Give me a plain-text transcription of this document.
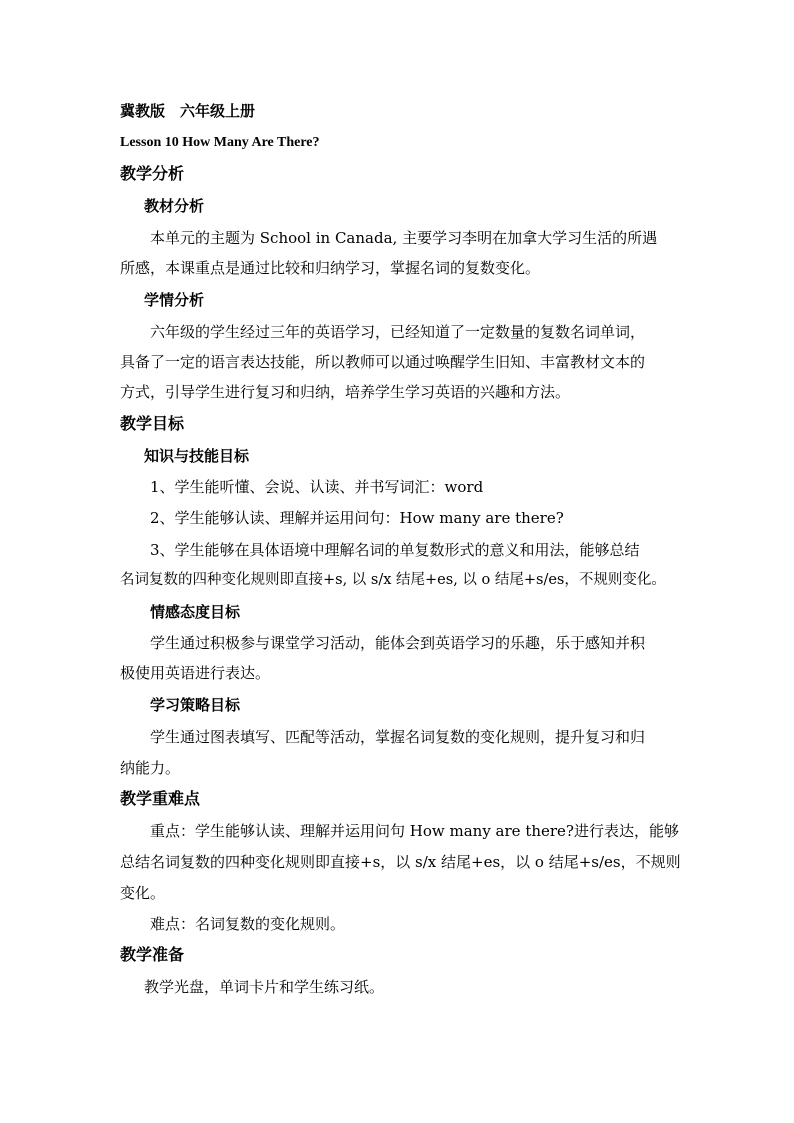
冀教版　六年级上册
Lesson 10 How Many Are There?
教学分析
教材分析
本单元的主题为 School in Canada, 主要学习李明在加拿大学习生活的所遇
所感，本课重点是通过比较和归纳学习，掌握名词的复数变化。
学情分析
六年级的学生经过三年的英语学习，已经知道了一定数量的复数名词单词，
具备了一定的语言表达技能，所以教师可以通过唤醒学生旧知、丰富教材文本的
方式，引导学生进行复习和归纳，培养学生学习英语的兴趣和方法。
教学目标
知识与技能目标
1、学生能听懂、会说、认读、并书写词汇：word
2、学生能够认读、理解并运用问句：How many are there?
3、学生能够在具体语境中理解名词的单复数形式的意义和用法，能够总结
名词复数的四种变化规则即直接+s, 以 s/x 结尾+es, 以 o 结尾+s/es，不规则变化。
情感态度目标
学生通过积极参与课堂学习活动，能体会到英语学习的乐趣，乐于感知并积
极使用英语进行表达。
学习策略目标
学生通过图表填写、匹配等活动，掌握名词复数的变化规则，提升复习和归
纳能力。
教学重难点
重点：学生能够认读、理解并运用问句 How many are there?进行表达，能够
总结名词复数的四种变化规则即直接+s，以 s/x 结尾+es，以 o 结尾+s/es，不规则
变化。
难点：名词复数的变化规则。
教学准备
教学光盘，单词卡片和学生练习纸。
